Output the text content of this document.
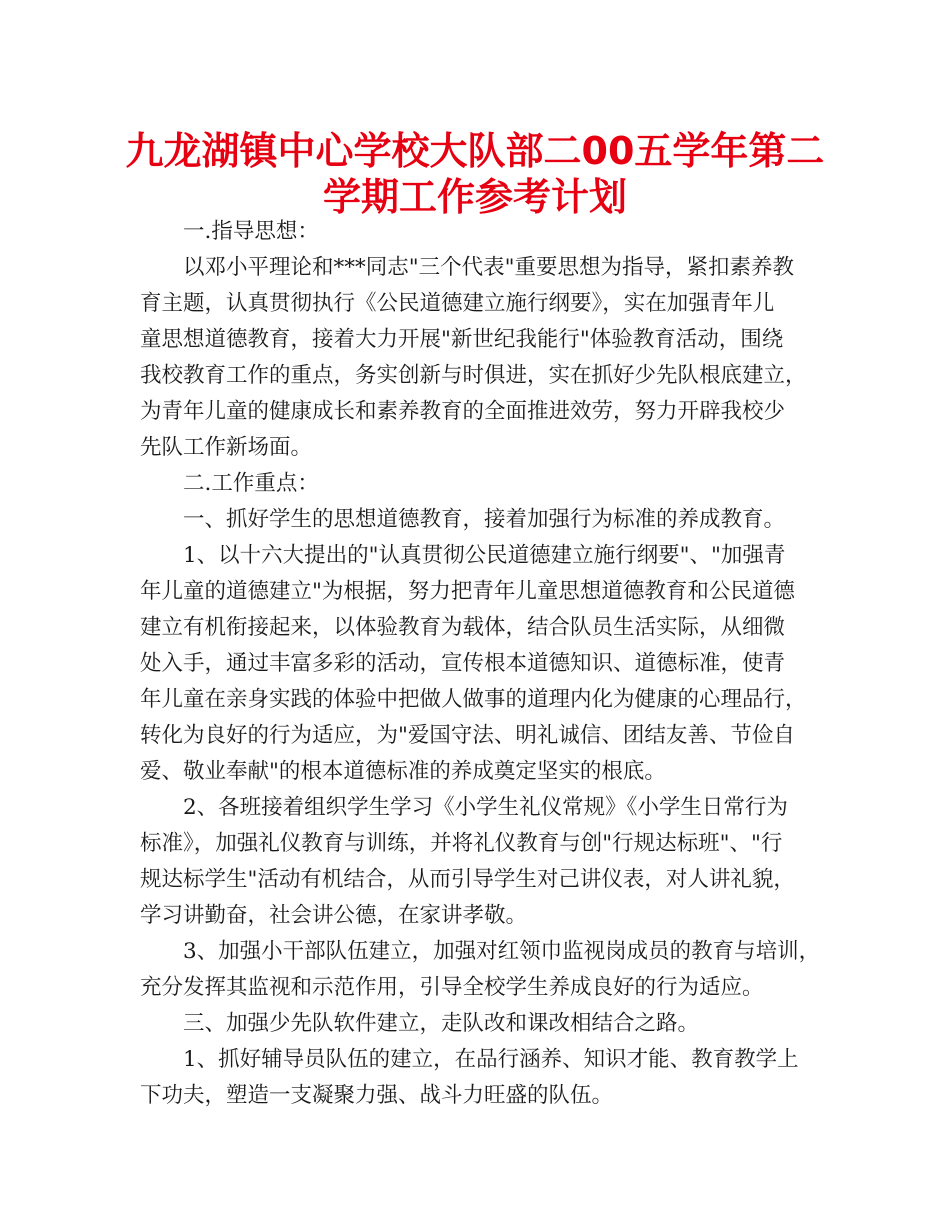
九龙湖镇中心学校大队部二00五学年第二
学期工作参考计划
　　一.指导思想：
　　以邓小平理论和***同志"三个代表"重要思想为指导，紧扣素养教
育主题，认真贯彻执行《公民道德建立施行纲要》，实在加强青年儿
童思想道德教育，接着大力开展"新世纪我能行"体验教育活动，围绕
我校教育工作的重点，务实创新与时俱进，实在抓好少先队根底建立，
为青年儿童的健康成长和素养教育的全面推进效劳，努力开辟我校少
先队工作新场面。
　　二.工作重点：
　　一、抓好学生的思想道德教育，接着加强行为标准的养成教育。
　　1、以十六大提出的"认真贯彻公民道德建立施行纲要"、"加强青
年儿童的道德建立"为根据，努力把青年儿童思想道德教育和公民道德
建立有机衔接起来，以体验教育为载体，结合队员生活实际，从细微
处入手，通过丰富多彩的活动，宣传根本道德知识、道德标准，使青
年儿童在亲身实践的体验中把做人做事的道理内化为健康的心理品行，
转化为良好的行为适应，为"爱国守法、明礼诚信、团结友善、节俭自
爱、敬业奉献"的根本道德标准的养成奠定坚实的根底。
　　2、各班接着组织学生学习《小学生礼仪常规》《小学生日常行为
标准》，加强礼仪教育与训练，并将礼仪教育与创"行规达标班"、"行
规达标学生"活动有机结合，从而引导学生对己讲仪表，对人讲礼貌，
学习讲勤奋，社会讲公德，在家讲孝敬。
　　3、加强小干部队伍建立，加强对红领巾监视岗成员的教育与培训，
充分发挥其监视和示范作用，引导全校学生养成良好的行为适应。
　　三、加强少先队软件建立，走队改和课改相结合之路。
　　1、抓好辅导员队伍的建立，在品行涵养、知识才能、教育教学上
下功夫，塑造一支凝聚力强、战斗力旺盛的队伍。
